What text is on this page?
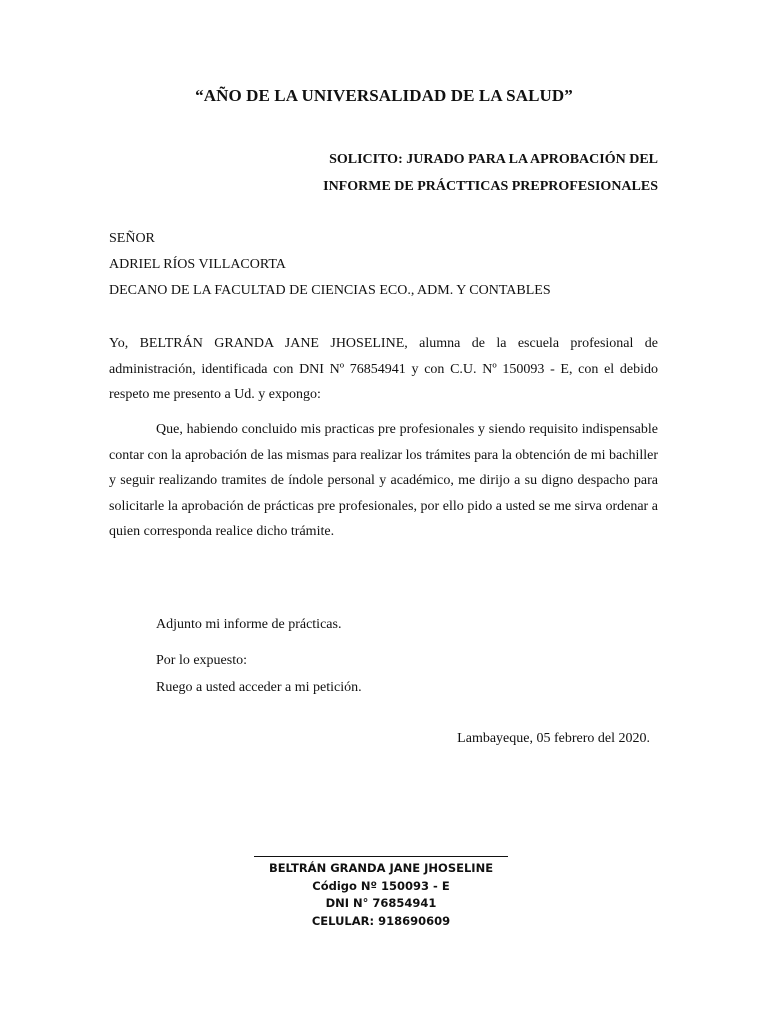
“AÑO DE LA UNIVERSALIDAD DE LA SALUD”
SOLICITO: JURADO PARA LA APROBACIÓN DEL
INFORME DE PRÁCTTICAS PREPROFESIONALES
SEÑOR
ADRIEL RÍOS VILLACORTA
DECANO DE LA FACULTAD DE CIENCIAS ECO., ADM. Y CONTABLES
Yo, BELTRÁN GRANDA JANE JHOSELINE, alumna de la escuela profesional de administración, identificada con DNI Nº 76854941 y con C.U. Nº 150093 - E, con el debido respeto me presento a Ud. y expongo:
Que, habiendo concluido mis practicas pre profesionales y siendo requisito indispensable contar con la aprobación de las mismas para realizar los trámites para la obtención de mi bachiller y seguir realizando tramites de índole personal y académico, me dirijo a su digno despacho para solicitarle la aprobación de prácticas pre profesionales, por ello pido a usted se me sirva ordenar a quien corresponda realice dicho trámite.
Adjunto mi informe de prácticas.
Por lo expuesto:
Ruego a usted acceder a mi petición.
Lambayeque, 05 febrero del 2020.
BELTRÁN GRANDA JANE JHOSELINE
Código Nº 150093 - E
DNI N° 76854941
CELULAR: 918690609
